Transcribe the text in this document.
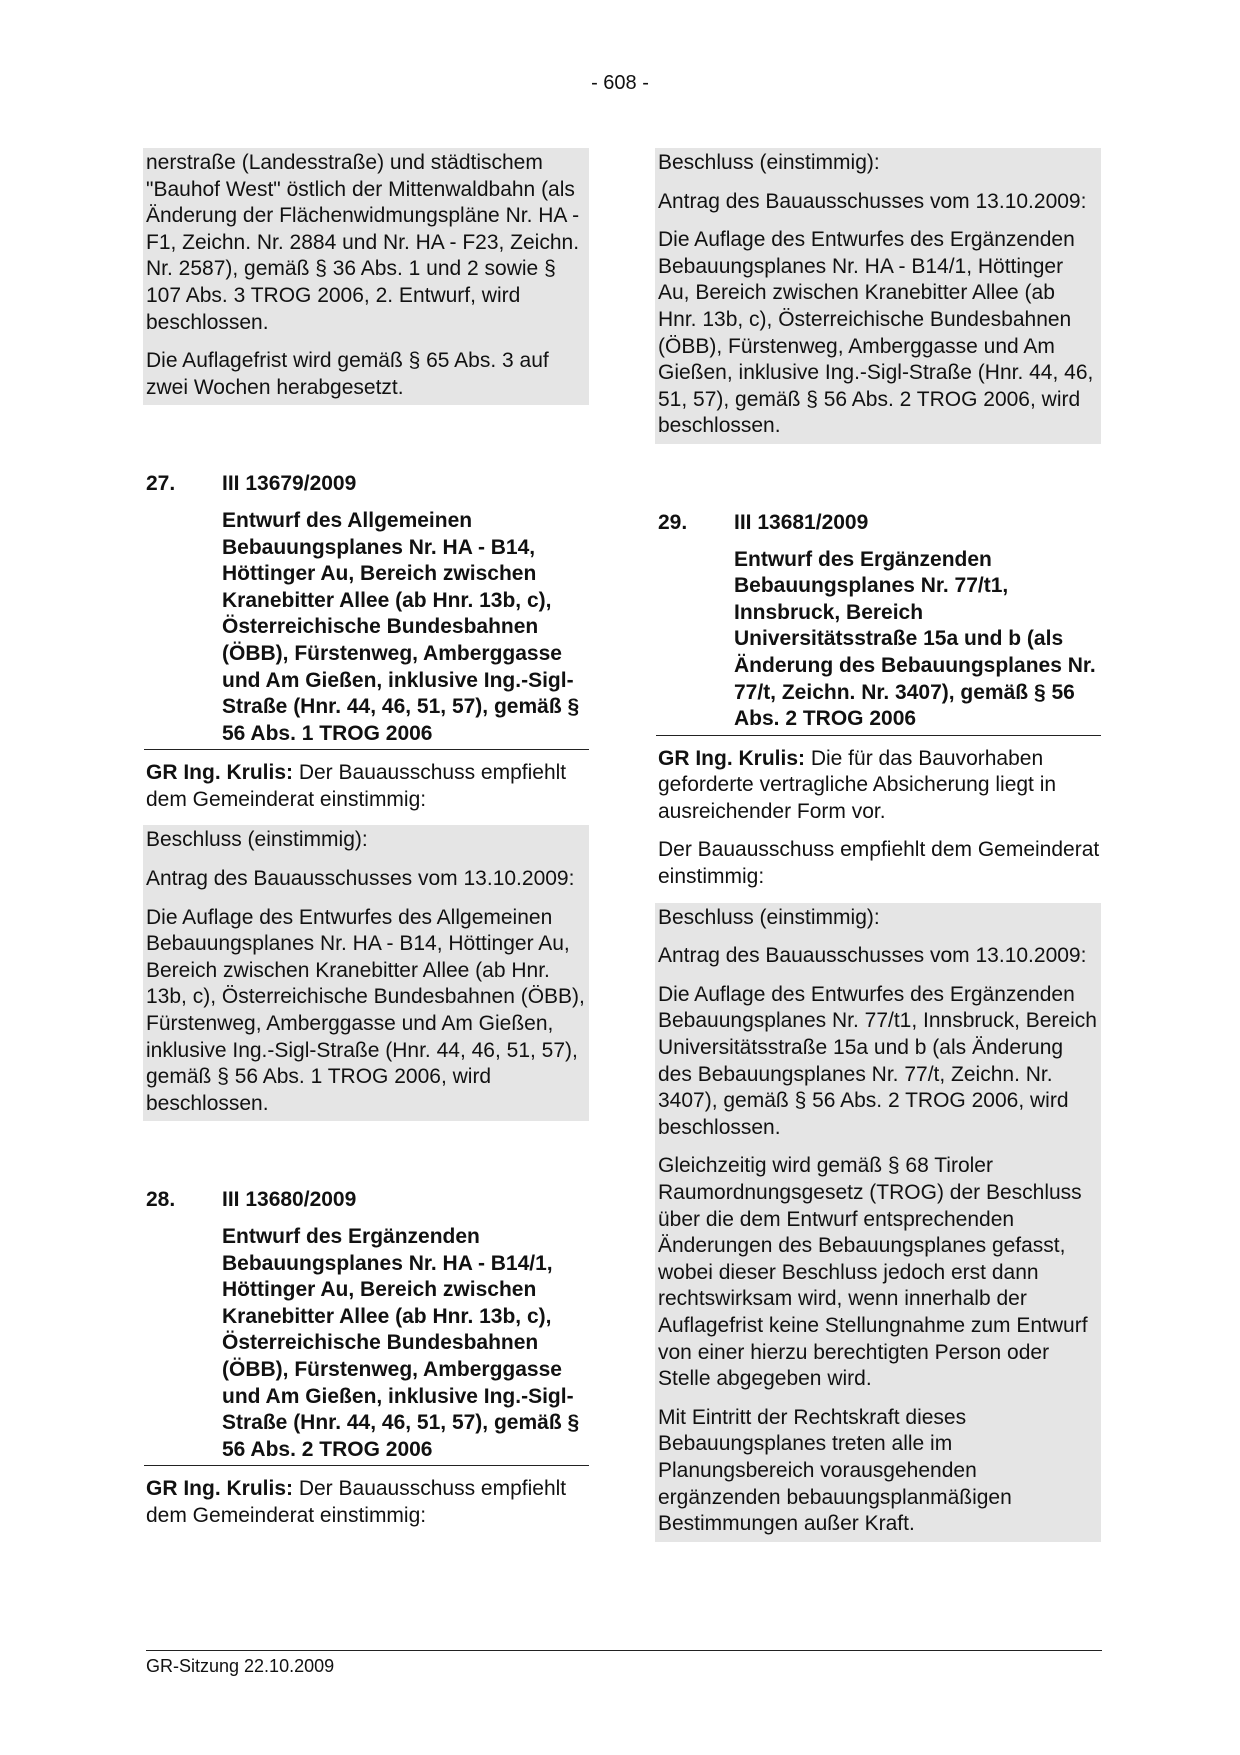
- 608 -

nerstraße (Landesstraße) und städtischem "Bauhof West" östlich der Mittenwaldbahn (als Änderung der Flächenwidmungspläne Nr. HA - F1, Zeichn. Nr. 2884 und Nr. HA - F23, Zeichn. Nr. 2587), gemäß § 36 Abs. 1 und 2 sowie § 107 Abs. 3 TROG 2006, 2. Entwurf, wird beschlossen.

Die Auflagefrist wird gemäß § 65 Abs. 3 auf zwei Wochen herabgesetzt.

27.	III 13679/2009
Entwurf des Allgemeinen Bebauungsplanes Nr. HA - B14, Höttinger Au, Bereich zwischen Kranebitter Allee (ab Hnr. 13b, c), Österreichische Bundesbahnen (ÖBB), Fürstenweg, Amberggasse und Am Gießen, inklusive Ing.-Sigl-Straße (Hnr. 44, 46, 51, 57), gemäß § 56 Abs. 1 TROG 2006

GR Ing. Krulis: Der Bauausschuss empfiehlt dem Gemeinderat einstimmig:

Beschluss (einstimmig):

Antrag des Bauausschusses vom 13.10.2009:

Die Auflage des Entwurfes des Allgemeinen Bebauungsplanes Nr. HA - B14, Höttinger Au, Bereich zwischen Kranebitter Allee (ab Hnr. 13b, c), Österreichische Bundesbahnen (ÖBB), Fürstenweg, Amberggasse und Am Gießen, inklusive Ing.-Sigl-Straße (Hnr. 44, 46, 51, 57), gemäß § 56 Abs. 1 TROG 2006, wird beschlossen.

28.	III 13680/2009
Entwurf des Ergänzenden Bebauungsplanes Nr. HA - B14/1, Höttinger Au, Bereich zwischen Kranebitter Allee (ab Hnr. 13b, c), Österreichische Bundesbahnen (ÖBB), Fürstenweg, Amberggasse und Am Gießen, inklusive Ing.-Sigl-Straße (Hnr. 44, 46, 51, 57), gemäß § 56 Abs. 2 TROG 2006

GR Ing. Krulis: Der Bauausschuss empfiehlt dem Gemeinderat einstimmig:

Beschluss (einstimmig):

Antrag des Bauausschusses vom 13.10.2009:

Die Auflage des Entwurfes des Ergänzenden Bebauungsplanes Nr. HA - B14/1, Höttinger Au, Bereich zwischen Kranebitter Allee (ab Hnr. 13b, c), Österreichische Bundesbahnen (ÖBB), Fürstenweg, Amberggasse und Am Gießen, inklusive Ing.-Sigl-Straße (Hnr. 44, 46, 51, 57), gemäß § 56 Abs. 2 TROG 2006, wird beschlossen.

29.	III 13681/2009
Entwurf des Ergänzenden Bebauungsplanes Nr. 77/t1, Innsbruck, Bereich Universitätsstraße 15a und b (als Änderung des Bebauungsplanes Nr. 77/t, Zeichn. Nr. 3407), gemäß § 56 Abs. 2 TROG 2006

GR Ing. Krulis: Die für das Bauvorhaben geforderte vertragliche Absicherung liegt in ausreichender Form vor.

Der Bauausschuss empfiehlt dem Gemeinderat einstimmig:

Beschluss (einstimmig):

Antrag des Bauausschusses vom 13.10.2009:

Die Auflage des Entwurfes des Ergänzenden Bebauungsplanes Nr. 77/t1, Innsbruck, Bereich Universitätsstraße 15a und b (als Änderung des Bebauungsplanes Nr. 77/t, Zeichn. Nr. 3407), gemäß § 56 Abs. 2 TROG 2006, wird beschlossen.

Gleichzeitig wird gemäß § 68 Tiroler Raumordnungsgesetz (TROG) der Beschluss über die dem Entwurf entsprechenden Änderungen des Bebauungsplanes gefasst, wobei dieser Beschluss jedoch erst dann rechtswirksam wird, wenn innerhalb der Auflagefrist keine Stellungnahme zum Entwurf von einer hierzu berechtigten Person oder Stelle abgegeben wird.

Mit Eintritt der Rechtskraft dieses Bebauungsplanes treten alle im Planungsbereich vorausgehenden ergänzenden bebauungsplanmäßigen Bestimmungen außer Kraft.

GR-Sitzung 22.10.2009
